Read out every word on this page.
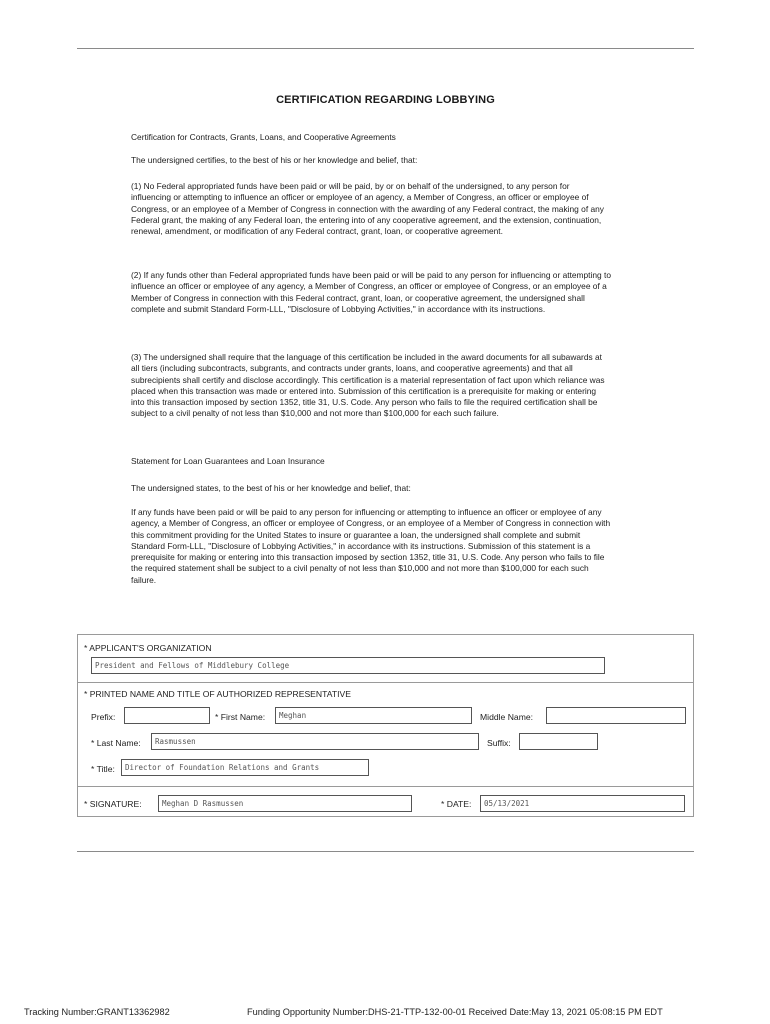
CERTIFICATION REGARDING LOBBYING

Certification for Contracts, Grants, Loans, and Cooperative Agreements

The undersigned certifies, to the best of his or her knowledge and belief, that:

(1) No Federal appropriated funds have been paid or will be paid, by or on behalf of the undersigned, to any person for influencing or attempting to influence an officer or employee of an agency, a Member of Congress, an officer or employee of Congress, or an employee of a Member of Congress in connection with the awarding of any Federal contract, the making of any Federal grant, the making of any Federal loan, the entering into of any cooperative agreement, and the extension, continuation, renewal, amendment, or modification of any Federal contract, grant, loan, or cooperative agreement.

(2) If any funds other than Federal appropriated funds have been paid or will be paid to any person for influencing or attempting to influence an officer or employee of any agency, a Member of Congress, an officer or employee of Congress, or an employee of a Member of Congress in connection with this Federal contract, grant, loan, or cooperative agreement, the undersigned shall complete and submit Standard Form-LLL, "Disclosure of Lobbying Activities," in accordance with its instructions.

(3) The undersigned shall require that the language of this certification be included in the award documents for all subawards at all tiers (including subcontracts, subgrants, and contracts under grants, loans, and cooperative agreements) and that all subrecipients shall certify and disclose accordingly. This certification is a material representation of fact upon which reliance was placed when this transaction was made or entered into. Submission of this certification is a prerequisite for making or entering into this transaction imposed by section 1352, title 31, U.S. Code. Any person who fails to file the required certification shall be subject to a civil penalty of not less than $10,000 and not more than $100,000 for each such failure.

Statement for Loan Guarantees and Loan Insurance

The undersigned states, to the best of his or her knowledge and belief, that:

If any funds have been paid or will be paid to any person for influencing or attempting to influence an officer or employee of any agency, a Member of Congress, an officer or employee of Congress, or an employee of a Member of Congress in connection with this commitment providing for the United States to insure or guarantee a loan, the undersigned shall complete and submit Standard Form-LLL, "Disclosure of Lobbying Activities," in accordance with its instructions. Submission of this statement is a prerequisite for making or entering into this transaction imposed by section 1352, title 31, U.S. Code. Any person who fails to file the required statement shall be subject to a civil penalty of not less than $10,000 and not more than $100,000 for each such failure.

* APPLICANT'S ORGANIZATION
President and Fellows of Middlebury College
* PRINTED NAME AND TITLE OF AUTHORIZED REPRESENTATIVE
Prefix:	* First Name:	Meghan	Middle Name:
* Last Name:	Rasmussen	Suffix:
* Title:	Director of Foundation Relations and Grants
* SIGNATURE:	Meghan D Rasmussen	* DATE:	05/13/2021
Tracking Number:GRANT13362982	Funding Opportunity Number:DHS-21-TTP-132-00-01 Received Date:May 13, 2021 05:08:15 PM EDT
